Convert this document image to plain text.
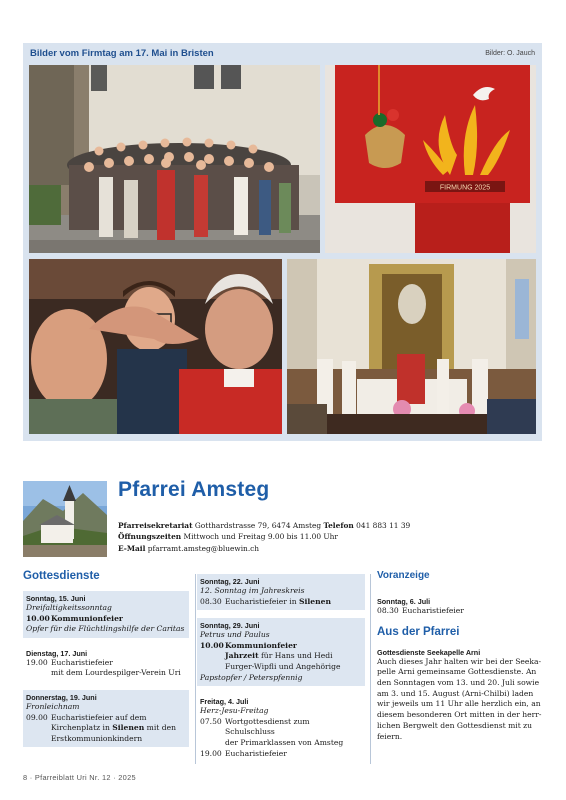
Bilder vom Firmtag am 17. Mai in Bristen	Bilder: O. Jauch
FIRMUNG 2025
Pfarrei Amsteg
Pfarreisekretariat Gotthardstrasse 79, 6474 Amsteg Telefon 041 883 11 39
Öffnungszeiten Mittwoch und Freitag 9.00 bis 11.00 Uhr
E-Mail pfarramt.amsteg@bluewin.ch
Gottesdienste
Sonntag, 15. Juni
Dreifaltigkeitssonntag
10.00 Kommunionfeier
Opfer für die Flüchtlingshilfe der Caritas
Dienstag, 17. Juni
19.00 Eucharistiefeier
mit dem Lourdespilger-Verein Uri
Donnerstag, 19. Juni
Fronleichnam
09.00 Eucharistiefeier auf dem
Kirchenplatz in Silenen mit den
Erstkommunionkindern
Sonntag, 22. Juni
12. Sonntag im Jahreskreis
08.30 Eucharistiefeier in Silenen
Sonntag, 29. Juni
Petrus und Paulus
10.00 Kommunionfeier
Jahrzeit für Hans und Hedi
Furger-Wipfli und Angehörige
Papstopfer / Peterspfennig
Freitag, 4. Juli
Herz-Jesu-Freitag
07.50 Wortgottesdienst zum Schulschluss
der Primarklassen von Amsteg
19.00 Eucharistiefeier
Voranzeige
Sonntag, 6. Juli
08.30 Eucharistiefeier
Aus der Pfarrei
Gottesdienste Seekapelle Arni
Auch dieses Jahr halten wir bei der Seeka-
pelle Arni gemeinsame Gottesdienste. An
den Sonntagen vom 13. und 20. Juli sowie
am 3. und 15. August (Arni-Chilbi) laden
wir jeweils um 11 Uhr alle herzlich ein, an
diesem besonderen Ort mitten in der herr-
lichen Bergwelt den Gottesdienst mit zu
feiern.
8 · Pfarreiblatt Uri Nr. 12 · 2025
